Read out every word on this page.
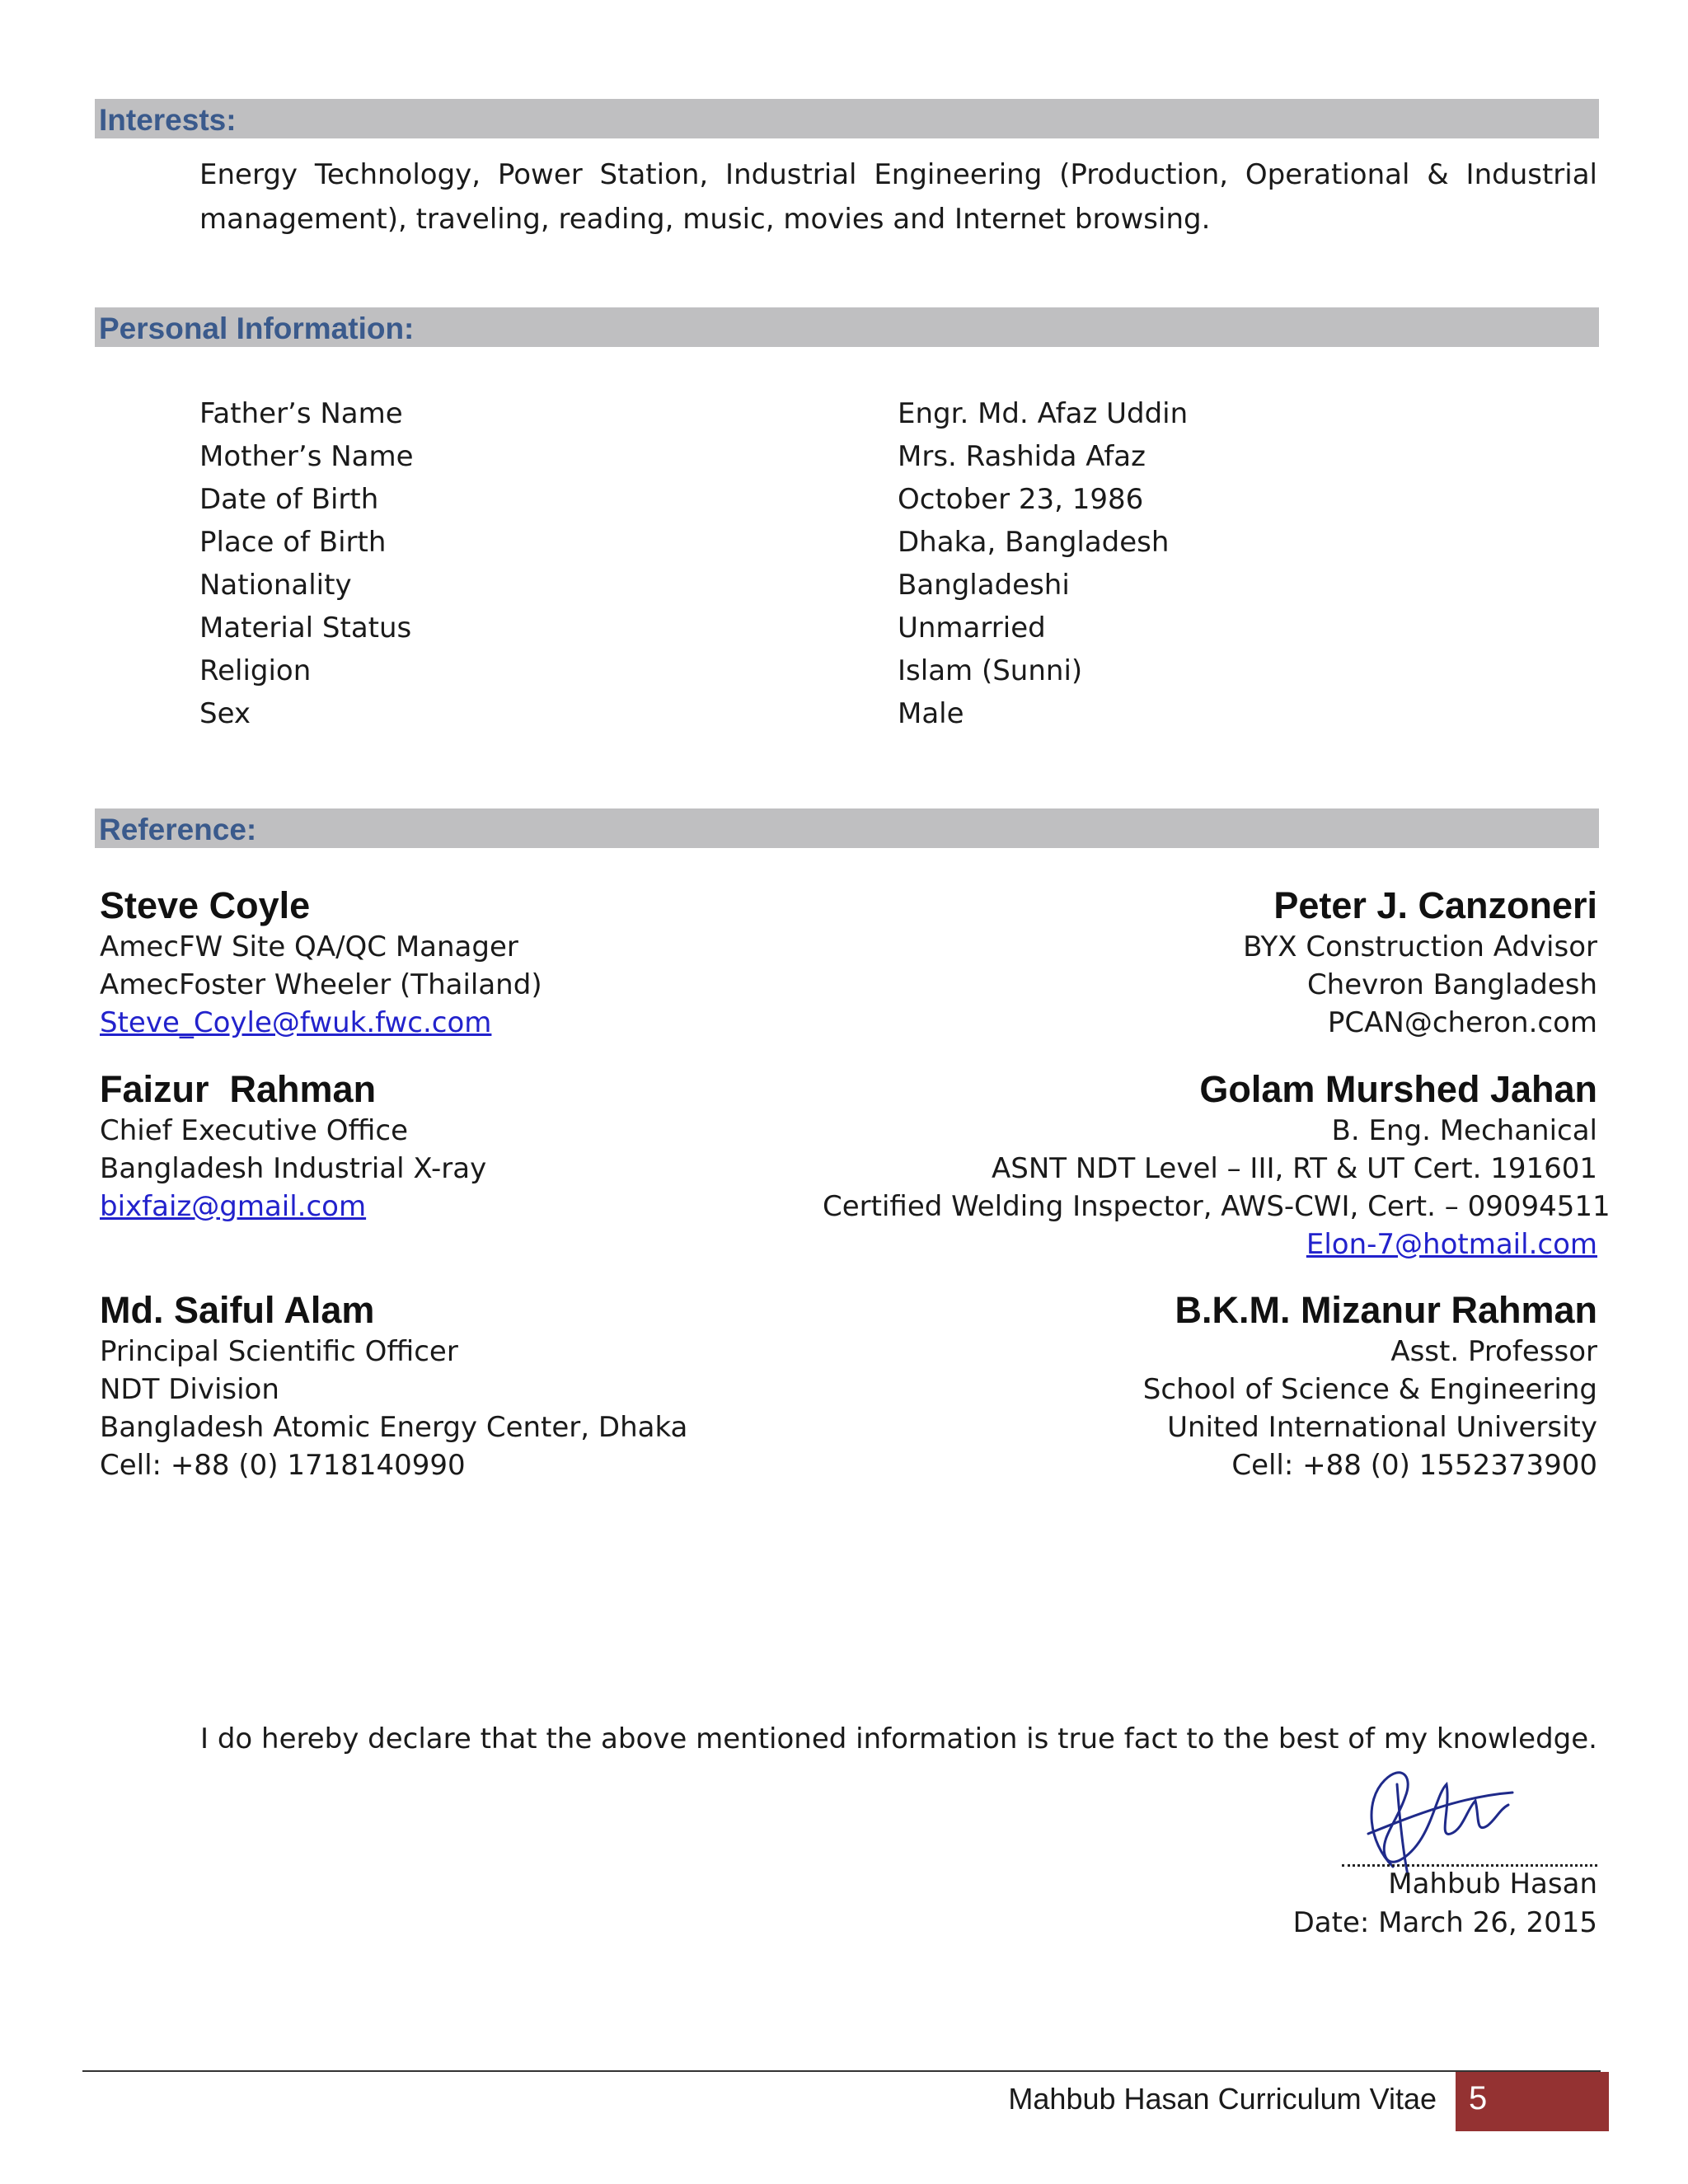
Interests:
Energy Technology, Power Station, Industrial Engineering (Production, Operational & Industrial management), traveling, reading, music, movies and Internet browsing.
Personal Information:
Father’s Name	Engr. Md. Afaz Uddin
Mother’s Name	Mrs. Rashida Afaz
Date of Birth	October 23, 1986
Place of Birth	Dhaka, Bangladesh
Nationality	Bangladeshi
Material Status	Unmarried
Religion	Islam (Sunni)
Sex	Male
Reference:
Steve Coyle
AmecFW Site QA/QC Manager
AmecFoster Wheeler (Thailand)
Steve_Coyle@fwuk.fwc.com
Peter J. Canzoneri
BYX Construction Advisor
Chevron Bangladesh
PCAN@cheron.com
Faizur  Rahman
Chief Executive Office
Bangladesh Industrial X-ray
bixfaiz@gmail.com
Golam Murshed Jahan
B. Eng. Mechanical
ASNT NDT Level – III, RT & UT Cert. 191601
Certified Welding Inspector, AWS-CWI, Cert. – 09094511
Elon-7@hotmail.com
Md. Saiful Alam
Principal Scientific Officer
NDT Division
Bangladesh Atomic Energy Center, Dhaka
Cell: +88 (0) 1718140990
B.K.M. Mizanur Rahman
Asst. Professor
School of Science & Engineering
United International University
Cell: +88 (0) 1552373900
I do hereby declare that the above mentioned information is true fact to the best of my knowledge.
Mahbub Hasan
Date: March 26, 2015
Mahbub Hasan Curriculum Vitae 5
